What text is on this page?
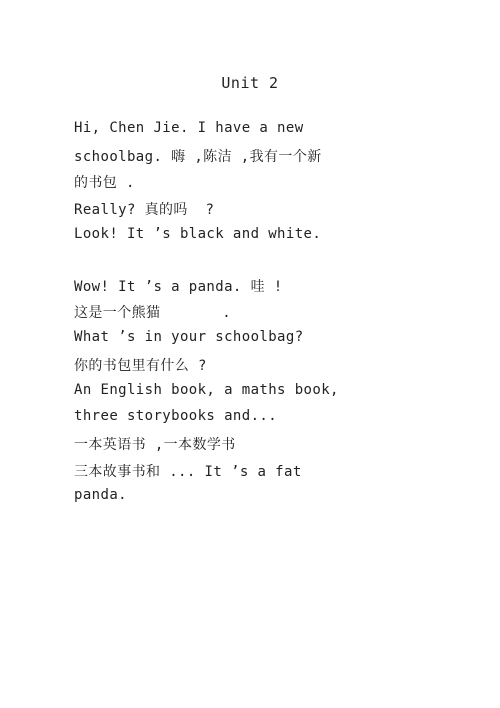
Unit 2
Hi, Chen Jie. I have a new
schoolbag. 嗨 ,陈洁 ,我有一个新
的书包 .
Really? 真的吗  ?
Look! It ’s black and white.
Wow! It ’s a panda. 哇 !
这是一个熊猫       .
What ’s in your schoolbag?
你的书包里有什么 ?
An English book, a maths book,
three storybooks and...
一本英语书 ,一本数学书
三本故事书和 ... It ’s a fat
panda.
